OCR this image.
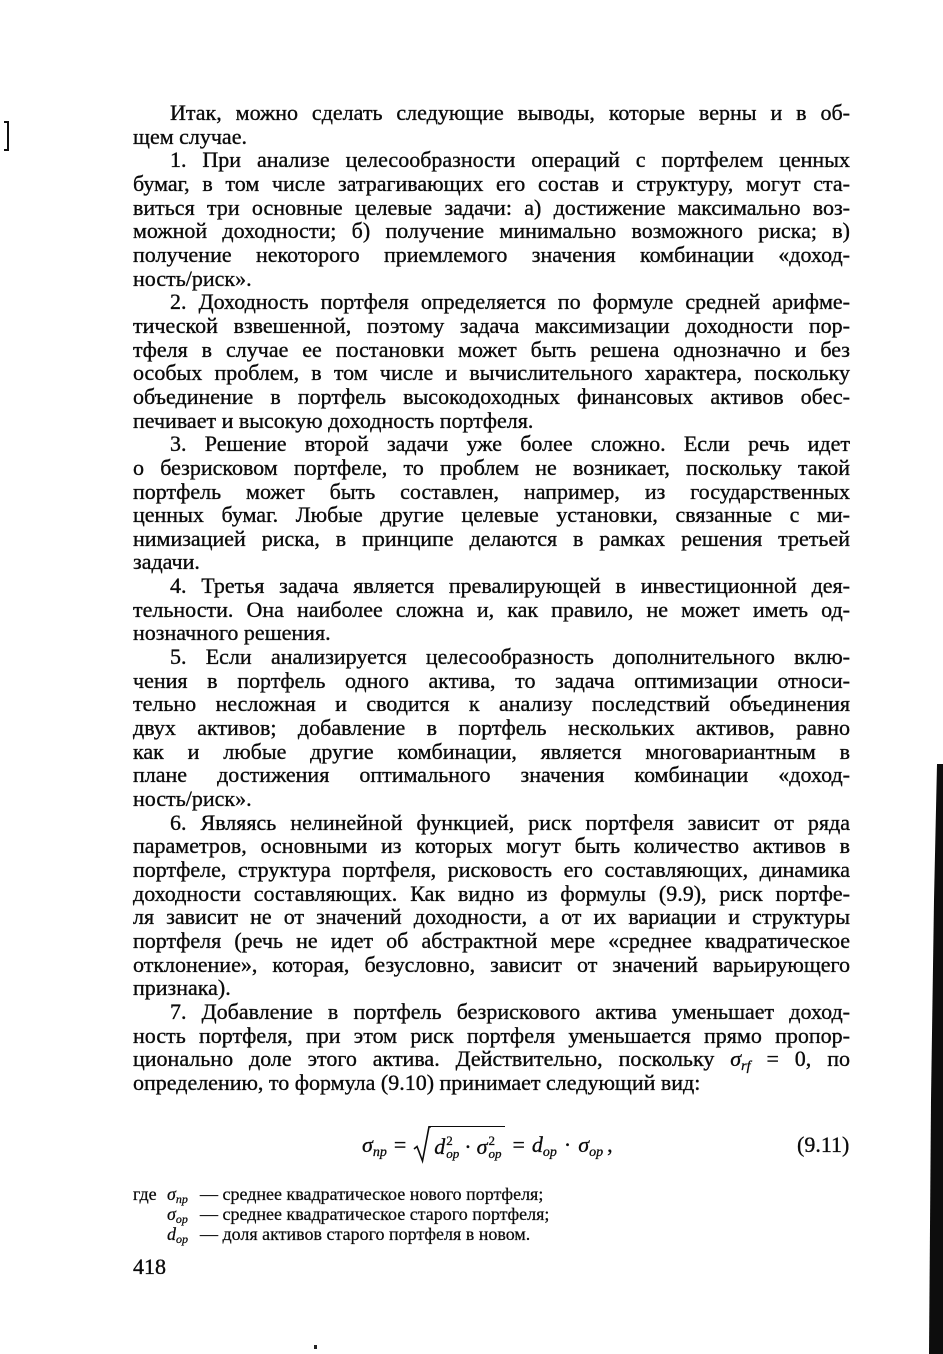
Итак, можно сделать следующие выводы, которые верны и в об-
щем случае.
1. При анализе целесообразности операций с портфелем ценных
бумаг, в том числе затрагивающих его состав и структуру, могут ста-
виться три основные целевые задачи: а) достижение максимально воз-
можной доходности; б) получение минимально возможного риска; в)
получение некоторого приемлемого значения комбинации «доход-
ность/риск».
2. Доходность портфеля определяется по формуле средней арифме-
тической взвешенной, поэтому задача максимизации доходности пор-
тфеля в случае ее постановки может быть решена однозначно и без
особых проблем, в том числе и вычислительного характера, поскольку
объединение в портфель высокодоходных финансовых активов обес-
печивает и высокую доходность портфеля.
3. Решение второй задачи уже более сложно. Если речь идет
о безрисковом портфеле, то проблем не возникает, поскольку такой
портфель может быть составлен, например, из государственных
ценных бумаг. Любые другие целевые установки, связанные с ми-
нимизацией риска, в принципе делаются в рамках решения третьей
задачи.
4. Третья задача является превалирующей в инвестиционной дея-
тельности. Она наиболее сложна и, как правило, не может иметь од-
нозначного решения.
5. Если анализируется целесообразность дополнительного вклю-
чения в портфель одного актива, то задача оптимизации относи-
тельно несложная и сводится к анализу последствий объединения
двух активов; добавление в портфель нескольких активов, равно
как и любые другие комбинации, является многовариантным в
плане достижения оптимального значения комбинации «доход-
ность/риск».
6. Являясь нелинейной функцией, риск портфеля зависит от ряда
параметров, основными из которых могут быть количество активов в
портфеле, структура портфеля, рисковость его составляющих, динамика
доходности составляющих. Как видно из формулы (9.9), риск портфе-
ля зависит не от значений доходности, а от их вариации и структуры
портфеля (речь не идет об абстрактной мере «среднее квадратическое
отклонение», которая, безусловно, зависит от значений варьирующего
признака).
7. Добавление в портфель безрискового актива уменьшает доход-
ность портфеля, при этом риск портфеля уменьшается прямо пропор-
ционально доле этого актива. Действительно, поскольку $\sigma_{rf} = 0$, по
определению, то формула (9.10) принимает следующий вид:
$\sigma_{np} = d$ 2
op · σ 2
op = $d_{op} \cdot \sigma_{op}$ ,	(9.11)
где $\sigma_{np}$ — среднее квадратическое нового портфеля;
$\sigma_{op}$ — среднее квадратическое старого портфеля;
$d_{op}$ — доля активов старого портфеля в новом.
418
